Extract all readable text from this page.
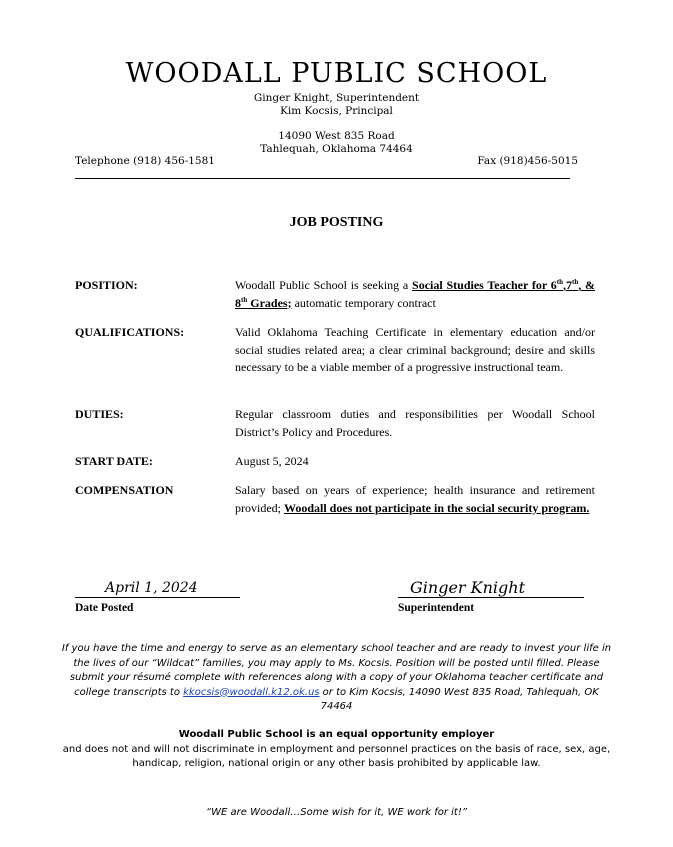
WOODALL PUBLIC SCHOOL
Ginger Knight, Superintendent
Kim Kocsis, Principal
14090 West 835 Road
Tahlequah, Oklahoma 74464
Telephone (918) 456-1581	Fax (918)456-5015
JOB POSTING
POSITION:	Woodall Public School is seeking a Social Studies Teacher for 6th,7th, & 8th Grades; automatic temporary contract
QUALIFICATIONS:	Valid Oklahoma Teaching Certificate in elementary education and/or social studies related area; a clear criminal background; desire and skills necessary to be a viable member of a progressive instructional team.
DUTIES:	Regular classroom duties and responsibilities per Woodall School District’s Policy and Procedures.
START DATE:	August 5, 2024
COMPENSATION	Salary based on years of experience; health insurance and retirement provided; Woodall does not participate in the social security program.
April 1, 2024
Date Posted
Ginger Knight
Superintendent
If you have the time and energy to serve as an elementary school teacher and are ready to invest your life in the lives of our “Wildcat” families, you may apply to Ms. Kocsis. Position will be posted until filled. Please submit your résumé complete with references along with a copy of your Oklahoma teacher certificate and college transcripts to kkocsis@woodall.k12.ok.us or to Kim Kocsis, 14090 West 835 Road, Tahlequah, OK 74464
Woodall Public School is an equal opportunity employer
and does not and will not discriminate in employment and personnel practices on the basis of race, sex, age, handicap, religion, national origin or any other basis prohibited by applicable law.
“WE are Woodall…Some wish for it, WE work for it!”
